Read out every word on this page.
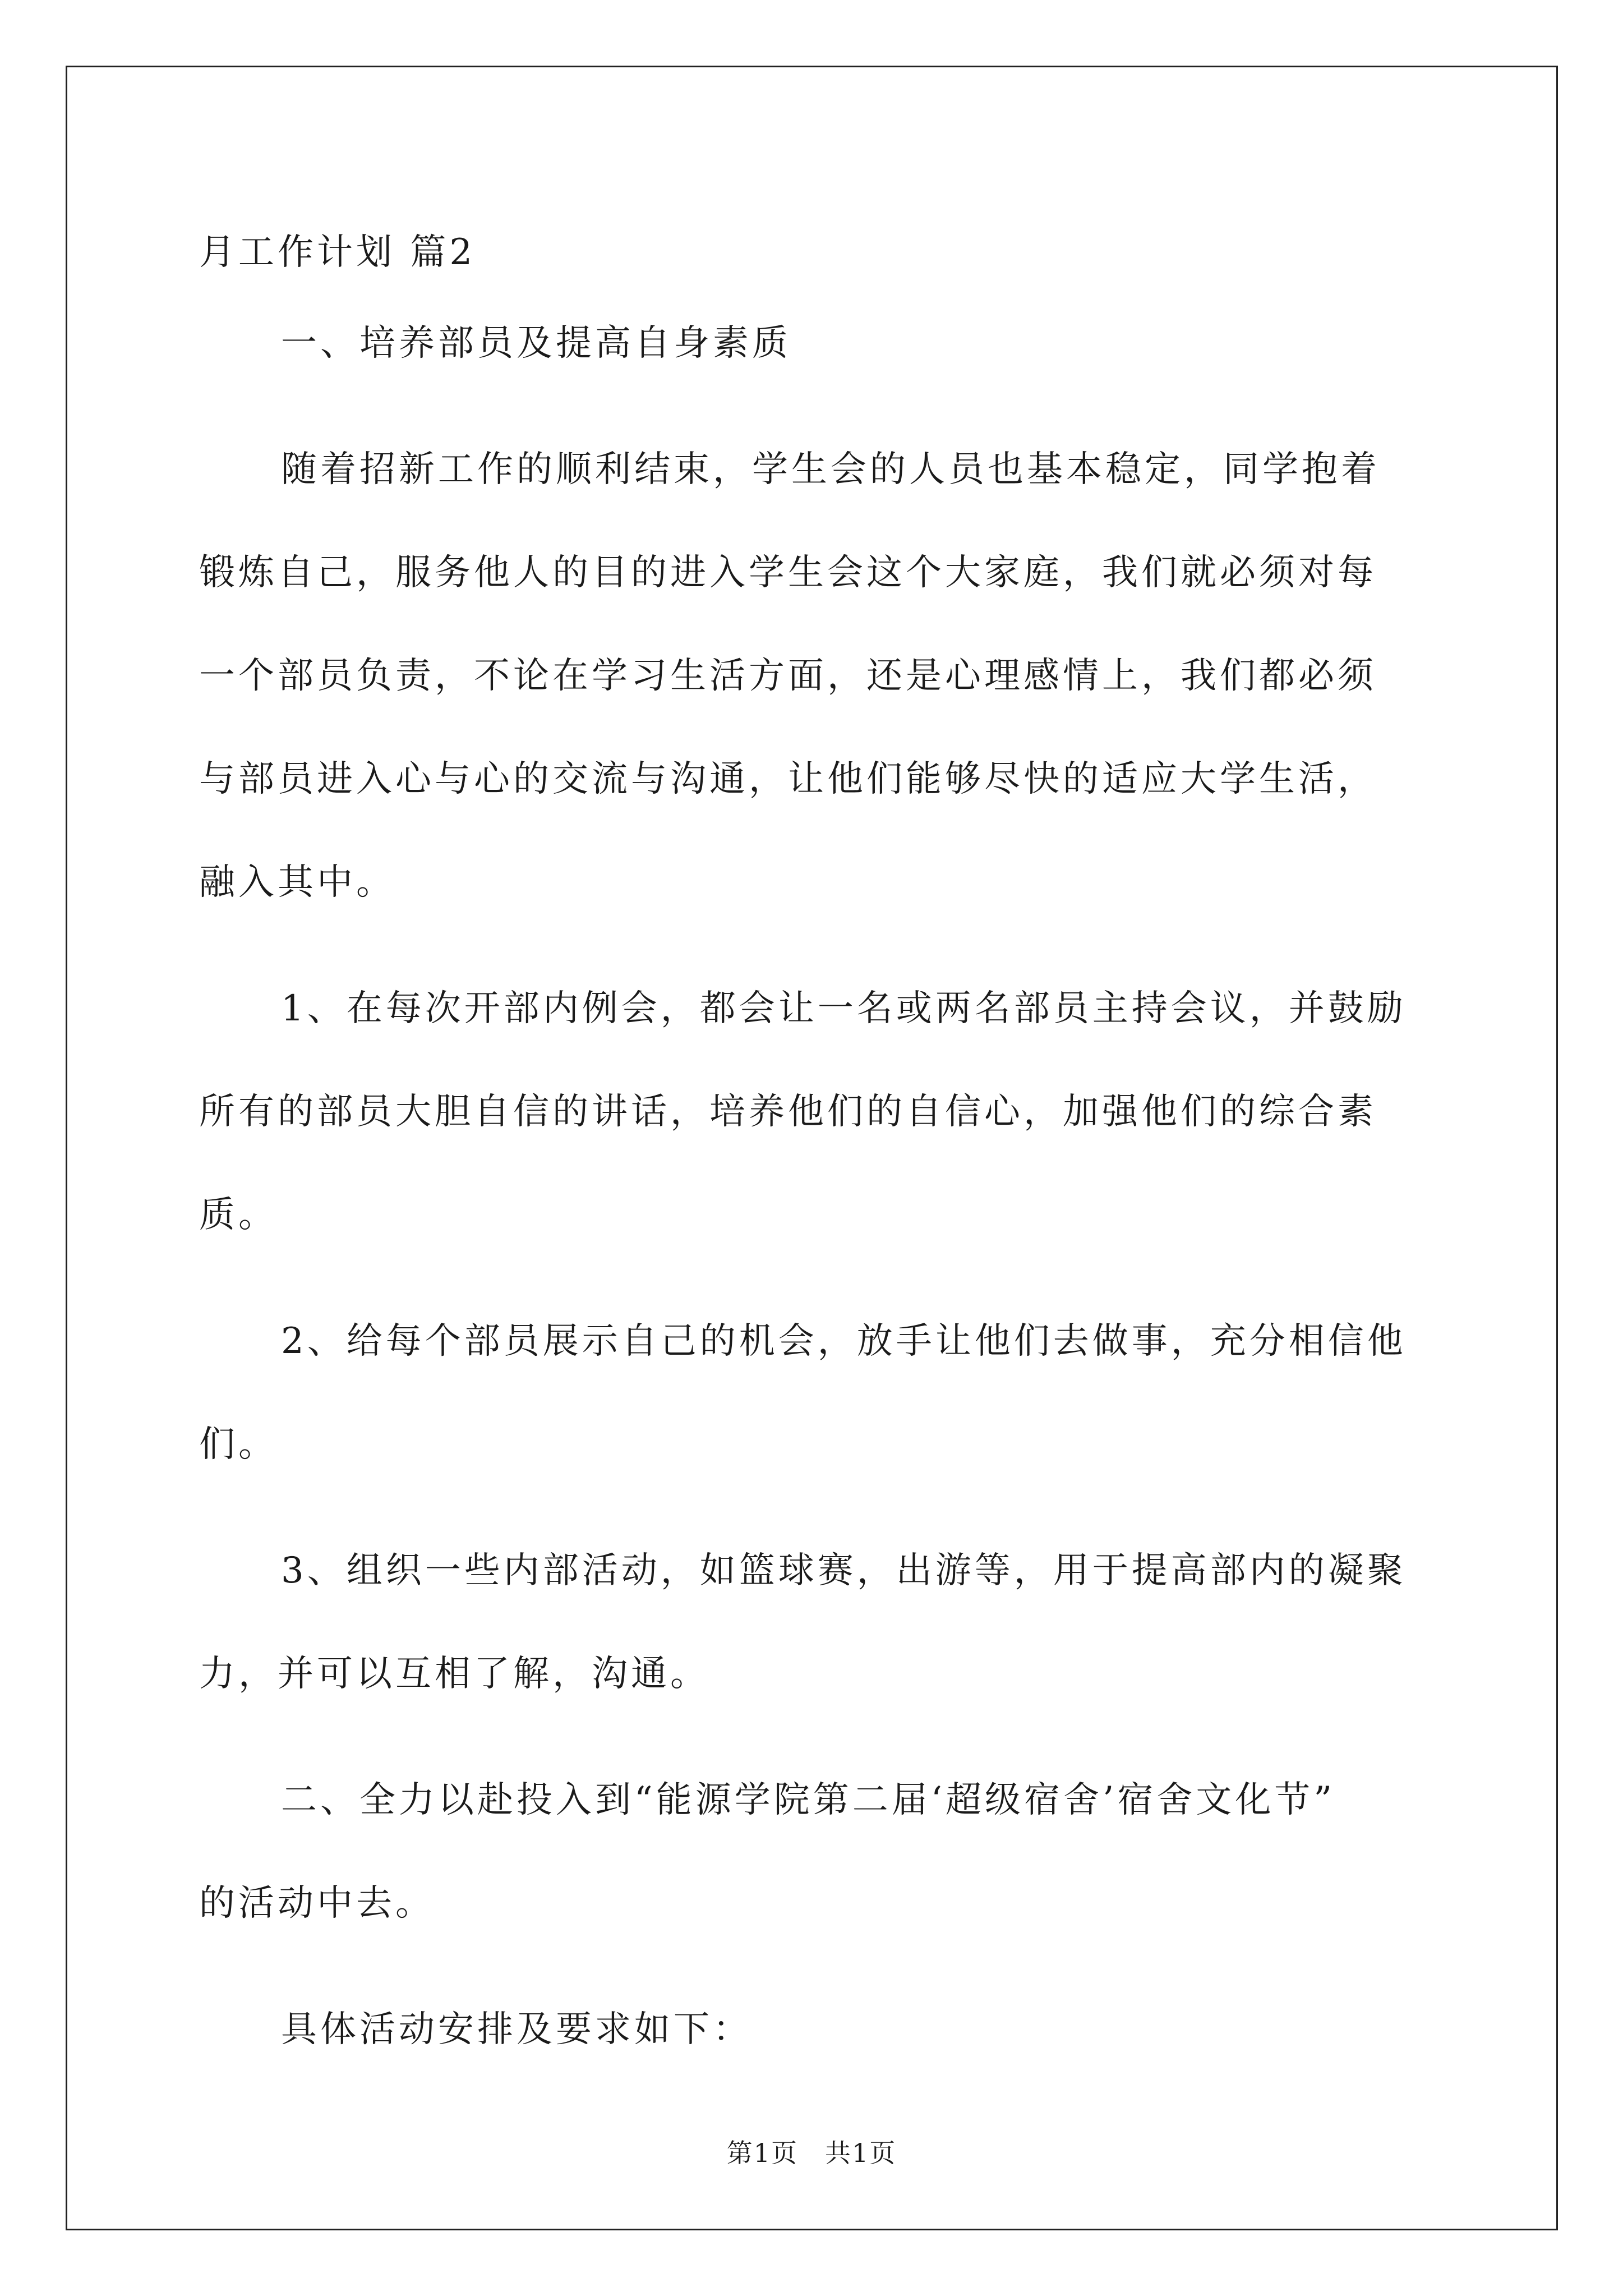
月工作计划 篇2

一、培养部员及提高自身素质

随着招新工作的顺利结束，学生会的人员也基本稳定，同学抱着
锻炼自己，服务他人的目的进入学生会这个大家庭，我们就必须对每
一个部员负责，不论在学习生活方面，还是心理感情上，我们都必须
与部员进入心与心的交流与沟通，让他们能够尽快的适应大学生活，
融入其中。

1、在每次开部内例会，都会让一名或两名部员主持会议，并鼓励
所有的部员大胆自信的讲话，培养他们的自信心，加强他们的综合素
质。

2、给每个部员展示自己的机会，放手让他们去做事，充分相信他
们。

3、组织一些内部活动，如篮球赛，出游等，用于提高部内的凝聚
力，并可以互相了解，沟通。

二、全力以赴投入到“能源学院第二届‘超级宿舍’宿舍文化节”
的活动中去。

具体活动安排及要求如下：

第1页　共1页
